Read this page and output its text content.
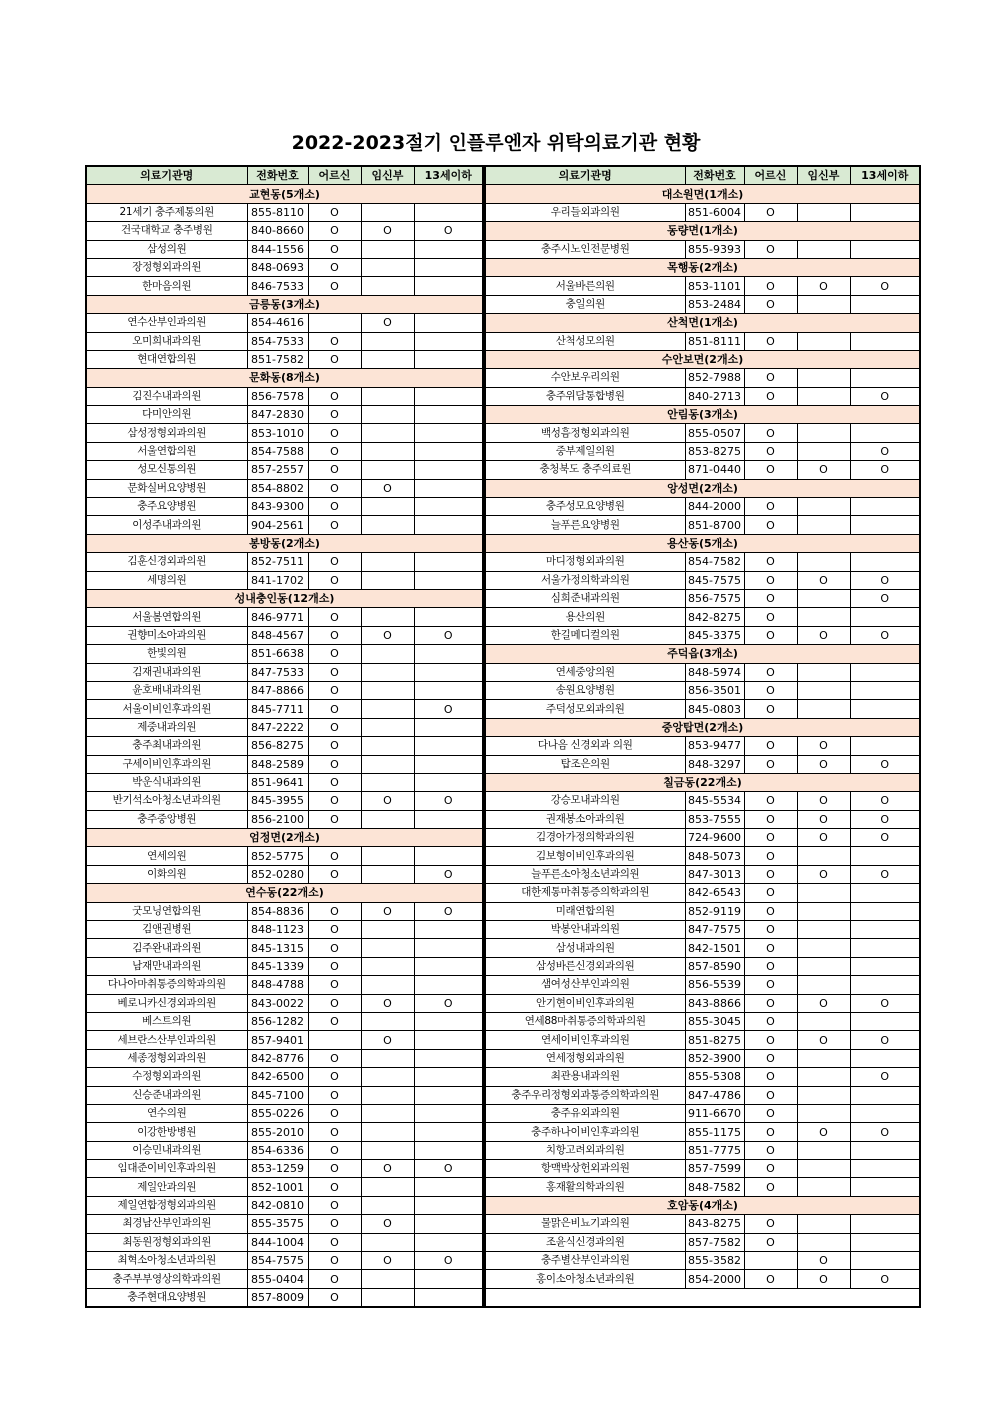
2022-2023절기 인플루엔자 위탁의료기관 현황
의료기관명	전화번호	어르신	임신부	13세이하
교현동(5개소)				
21세기 충주제통의원	855-8110	O		
건국대학교 충주병원	840-8660	O	O	O
삼성의원	844-1556	O		
장정형외과의원	848-0693	O		
한마음의원	846-7533	O		
금릉동(3개소)				
연수산부인과의원	854-4616		O	
오미희내과의원	854-7533	O		
현대연합의원	851-7582	O		
문화동(8개소)				
김진수내과의원	856-7578	O		
다미안의원	847-2830	O		
삼성정형외과의원	853-1010	O		
서울연합의원	854-7588	O		
성모신통의원	857-2557	O		
문화실버요양병원	854-8802	O	O	
충주요양병원	843-9300	O		
이성주내과의원	904-2561	O		
봉방동(2개소)				
김훈신경외과의원	852-7511	O		
세명의원	841-1702	O		
성내충인동(12개소)				
서울봄연합의원	846-9771	O		
권향미소아과의원	848-4567	O	O	O
한빛의원	851-6638	O		
김재권내과의원	847-7533	O		
윤호배내과의원	847-8866	O		
서울이비인후과의원	845-7711	O		O
제중내과의원	847-2222	O		
충주최내과의원	856-8275	O		
구세이비인후과의원	848-2589	O		
박운식내과의원	851-9641	O		
반기석소아청소년과의원	845-3955	O	O	O
충주중앙병원	856-2100	O		
엄정면(2개소)				
연세의원	852-5775	O		
이화의원	852-0280	O		O
연수동(22개소)				
굿모닝연합의원	854-8836	O	O	O
김앤권병원	848-1123	O		
김주완내과의원	845-1315	O		
남재만내과의원	845-1339	O		
다나아마취통증의학과의원	848-4788	O		
베로니카신경외과의원	843-0022	O	O	O
베스트의원	856-1282	O		
세브란스산부인과의원	857-9401		O	
세종정형외과의원	842-8776	O		
수정형외과의원	842-6500	O		
신승준내과의원	845-7100	O		
연수의원	855-0226	O		
이강한방병원	855-2010	O		
이승민내과의원	854-6336	O		
임대준이비인후과의원	853-1259	O	O	O
제일안과의원	852-1001	O		
제일연합정형외과의원	842-0810	O		
최경남산부인과의원	855-3575	O	O	
최동원정형외과의원	844-1004	O		
최혁소아청소년과의원	854-7575	O	O	O
충주부부영상의학과의원	855-0404	O		
충주현대요양병원	857-8009	O		
의료기관명	전화번호	어르신	임신부	13세이하
대소원면(1개소)				
우리들외과의원	851-6004	O		
동량면(1개소)				
충주시노인전문병원	855-9393	O		
목행동(2개소)				
서울바른의원	853-1101	O	O	O
충일의원	853-2484	O		
산척면(1개소)				
산척성모의원	851-8111	O		
수안보면(2개소)				
수안보우리의원	852-7988	O		
충주위담통합병원	840-2713	O		O
안림동(3개소)				
백성흠정형외과의원	855-0507	O		
중부제일의원	853-8275	O		O
충청북도 충주의료원	871-0440	O	O	O
앙성면(2개소)				
충주성모요양병원	844-2000	O		
늘푸른요양병원	851-8700	O		
용산동(5개소)				
마디정형외과의원	854-7582	O		
서울가정의학과의원	845-7575	O	O	O
심희준내과의원	856-7575	O		O
용산의원	842-8275	O		
한길메디컬의원	845-3375	O	O	O
주덕읍(3개소)				
연세중앙의원	848-5974	O		
송원요양병원	856-3501	O		
주덕성모외과의원	845-0803	O		
중앙탑면(2개소)				
다나음 신경외과 의원	853-9477	O	O	
탑조은의원	848-3297	O	O	O
칠금동(22개소)				
강승모내과의원	845-5534	O	O	O
권재봉소아과의원	853-7555	O	O	O
김경아가정의학과의원	724-9600	O	O	O
김보형이비인후과의원	848-5073	O		
늘푸른소아청소년과의원	847-3013	O	O	O
대한제통마취통증의학과의원	842-6543	O		
미래연합의원	852-9119	O		
박봉안내과의원	847-7575	O		
삼성내과의원	842-1501	O		
삼성바른신경외과의원	857-8590	O		
샘여성산부인과의원	856-5539	O		
안기현이비인후과의원	843-8866	O	O	O
연세88마취통증의학과의원	855-3045	O		
연세이비인후과의원	851-8275	O	O	O
연세정형외과의원	852-3900	O		
최관용내과의원	855-5308	O		O
충주우리정형외과통증의학과의원	847-4786	O		
충주유외과의원	911-6670	O		
충주하나이비인후과의원	855-1175	O	O	O
치항고려외과의원	851-7775	O		
항맥박상헌외과의원	857-7599	O		
홍재활의학과의원	848-7582	O		
호암동(4개소)				
물맑은비뇨기과의원	843-8275	O		
조윤식신경과의원	857-7582	O		
충주별산부인과의원	855-3582		O	
홍이소아청소년과의원	854-2000	O	O	O
